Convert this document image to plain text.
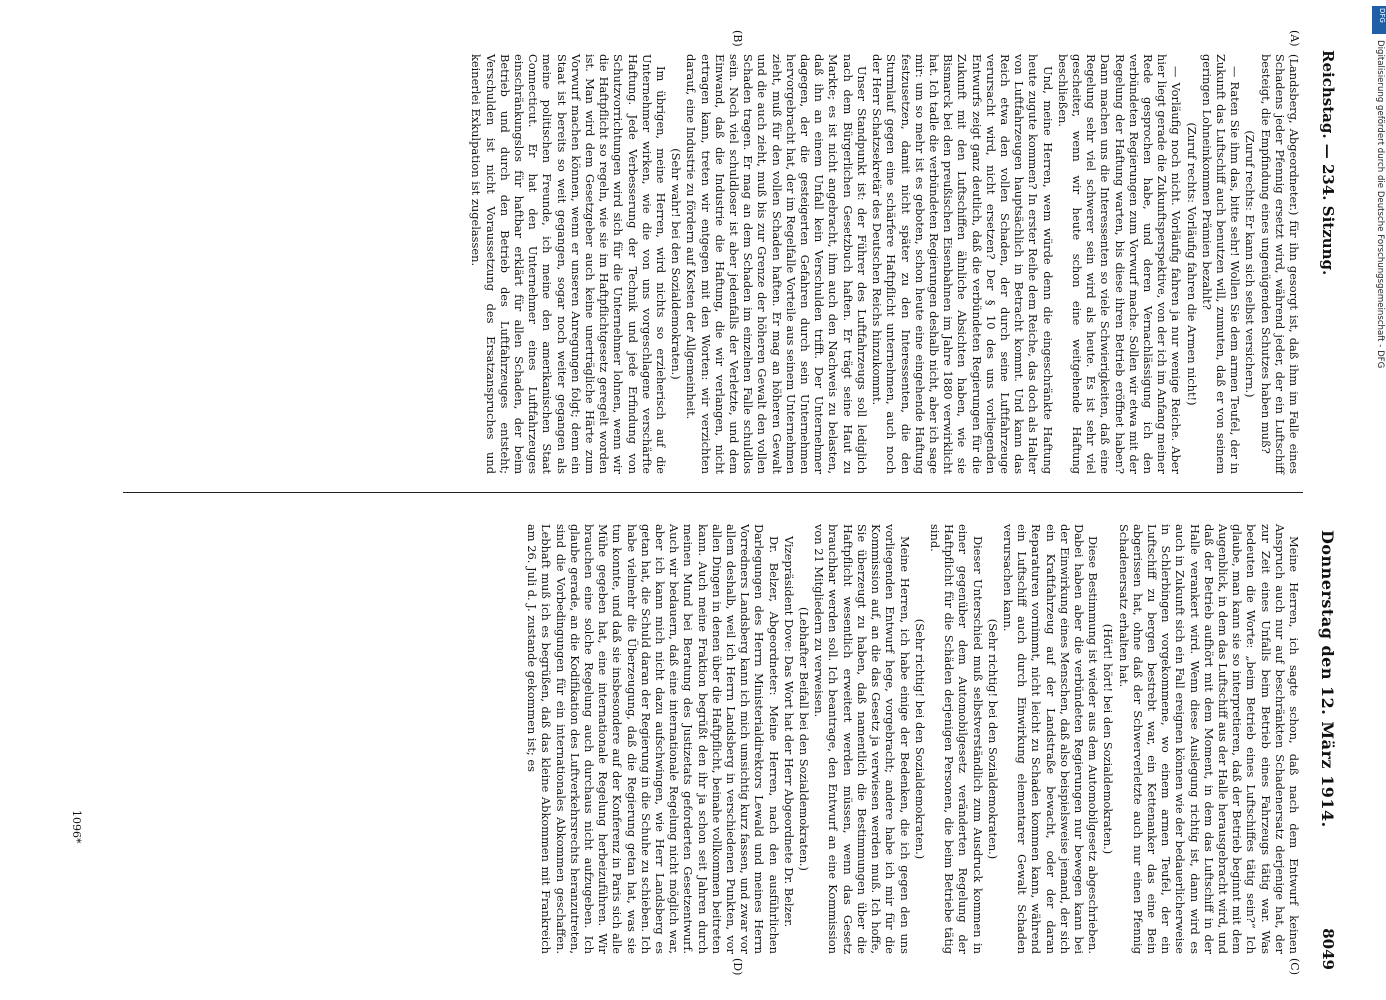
Reichstag. — 234. Sitzung.
Donnerstag den 12. März 1914.
8049
(A)
(B)
(C)
(D)

(Landsberg, Abgeordneter.) für ihn gesorgt ist, daß ihm im Falle eines Schadens jeder Pfennig ersetzt wird, während jeder, der ein Luftschiff besteigt, die Empfindung eines ungenügenden Schutzes haben muß?

(Zuruf rechts: Er kann sich selbst versichern.)

— Raten Sie ihm das, bitte sehr! Wollen Sie dem armen Teufel, der in Zukunft das Luftschiff auch benutzen will, zumuten, daß er von seinem geringen Lohneinkommen Prämien bezahlt?

(Zuruf rechts: Vorläufig fahren die Armen nicht!)

— Vorläufig noch nicht. Vorläufig fahren ja nur wenige Reiche. Aber hier liegt gerade die Zukunftsperspektive, von der ich im Anfang meiner Rede gesprochen habe, und deren Vernachlässigung ich den verbündeten Regierungen zum Vorwurf mache. Sollen wir etwa mit der Regelung der Haftung warten, bis diese ihren Betrieb eröffnet haben? Dann machen uns die Interessenten so viele Schwierigkeiten, daß eine Regelung sehr viel schwerer sein wird als heute. Es ist sehr viel gescheiter, wenn wir heute schon eine weitgehende Haftung beschließen.

Und, meine Herren, wem würde denn die eingeschränkte Haftung heute zugute kommen? In erster Reihe dem Reiche, das doch als Halter von Luftfahrzeugen hauptsächlich in Betracht kommt. Und kann das Reich etwa den vollen Schaden, der durch seine Luftfahrzeuge verursacht wird, nicht ersetzen? Der § 10 des uns vorliegenden Entwurfs zeigt ganz deutlich, daß die verbündeten Regierungen für die Zukunft mit den Luftschiffen ähnliche Absichten haben, wie sie Bismarck bei den preußischen Eisenbahnen im Jahre 1880 verwirklicht hat. Ich tadle die verbündeten Regierungen deshalb nicht, aber ich sage mir: um so mehr ist es geboten, schon heute eine eingehende Haftung festzusetzen, damit nicht später zu den Interessenten, die den Sturmlauf gegen eine schärfere Haftpflicht unternehmen, auch noch der Herr Schatzsekretär des Deutschen Reichs hinzukommt.

Unser Standpunkt ist: der Führer des Luftfahrzeugs soll lediglich nach dem Bürgerlichen Gesetzbuch haften. Er trägt seine Haut zu Markte; es ist nicht angebracht, ihm auch den Nachweis zu belasten, daß ihn an einem Unfall kein Verschulden trifft. Der Unternehmer dagegen, der die gesteigerten Gefahren durch sein Unternehmen hervorgebracht hat, der im Regelfalle Vorteile aus seinem Unternehmen zieht, muß für den vollen Schaden haften. Er mag an höheren Gewalt und die auch zieht, muß bis zur Grenze der höheren Gewalt den vollen Schaden tragen. Er mag an dem Schaden im einzelnen Falle schuldlos sein. Noch viel schuldloser ist aber jedenfalls der Verletzte, und dem Einwand, daß die Industrie die Haftung, die wir verlangen, nicht ertragen kann, treten wir entgegen mit den Worten: wir verzichten darauf, eine Industrie zu fördern auf Kosten der Allgemeinheit.

(Sehr wahr! bei den Sozialdemokraten.)

Im übrigen, meine Herren, wird nichts so erzieherisch auf die Unternehmer wirken, wie die von uns vorgeschlagene verschärfte Haftung. Jede Verbesserung der Technik und jede Erfindung von Schutzvorrichtungen wird sich für die Unternehmer lohnen, wenn wir die Haftpflicht so regeln, wie sie im Haftpflichtgesetz geregelt worden ist. Man wird dem Gesetzgeber auch keine unerträgliche Härte zum Vorwurf machen können, wenn er unseren Anregungen folgt; denn ein Staat ist bereits so weit gegangen, sogar noch weiter gegangen als meine politischen Freunde, ich meine den amerikanischen Staat Connecticut. Er hat den Unternehmer eines Luftfahrzeuges einschränkungslos für haftbar erklärt für allen Schaden, der beim Betrieb und durch den Betrieb des Luftfahrzeuges entsteht; Verschulden ist nicht Voraussetzung des Ersatzanspruches und keinerlei Exkulpation ist zugelassen.

Meine Herren, ich sagte schon, daß nach dem Entwurf keinen Anspruch auch nur auf beschränkten Schadenersatz derjenige hat, der zur Zeit eines Unfalls beim Betrieb eines Fahrzeugs tätig war. Was bedeuten die Worte: „beim Betrieb eines Luftschiffes tätig sein?“ Ich glaube, man kann sie so interpretieren, daß der Betrieb beginnt mit dem Augenblick, in dem das Luftschiff aus der Halle herausgebracht wird, und daß der Betrieb aufhört mit dem Moment, in dem das Luftschiff in der Halle verankert wird. Wenn diese Auslegung richtig ist, dann wird es auch in Zukunft sich ein Fall ereignen können wie der bedauerlicherweise in Schlerbingen vorgekommene, wo einem armen Teufel, der ein Luftschiff zu bergen bestrebt war, ein Kettenanker das eine Bein abgerissen hat, ohne daß der Schwerverletzte auch nur einen Pfennig Schadenersatz erhalten hat.

(Hört! hört! bei den Sozialdemokraten.)

Diese Bestimmung ist wieder aus dem Automobilgesetz abgeschrieben. Dabei haben aber die verbündeten Regierungen nur bewegen kann bei der Einwirkung eines Menschen, daß also beispielsweise jemand, der sich ein Kraftfahrzeug auf der Landstraße bewacht, oder der daran Reparaturen vornimmt, nicht leicht zu Schaden kommen kann, während ein Luftschiff auch durch Einwirkung elementarer Gewalt Schaden verursachen kann.

(Sehr richtig! bei den Sozialdemokraten.)

Dieser Unterschied muß selbstverständlich zum Ausdruck kommen in einer gegenüber dem Automobilgesetz veränderten Regelung der Haftpflicht für die Schäden derjenigen Personen, die beim Betriebe tätig sind.

(Sehr richtig! bei den Sozialdemokraten.)

Meine Herren, ich habe einige der Bedenken, die ich gegen den uns vorliegenden Entwurf hege, vorgebracht; andere habe ich mir für die Kommission auf, an die das Gesetz ja verwiesen werden muß. Ich hoffe, Sie überzeugt zu haben, daß namentlich die Bestimmungen über die Haftpflicht wesentlich erweitert werden müssen, wenn das Gesetz brauchbar werden soll. Ich beantrage, den Entwurf an eine Kommission von 21 Mitgliedern zu verweisen.

(Lebhafter Beifall bei den Sozialdemokraten.)

Vizepräsident Dove: Das Wort hat der Herr Abgeordnete Dr. Belzer.

Dr. Belzer, Abgeordneter: Meine Herren, nach den ausführlichen Darlegungen des Herrn Ministerialdirektors Lewald und meines Herrn Vorredners Landsberg kann ich mich umsichtig kurz fassen, und zwar vor allem deshalb, weil ich Herrn Landsberg in verschiedenen Punkten, vor allen Dingen in denen über die Haftpflicht, beinahe vollkommen beitreten kann. Auch meine Fraktion begrüßt den ihr ja schon seit Jahren durch meinen Mund bei Beratung des Justizetats geforderten Gesetzentwurf. Auch wir bedauern, daß eine internationale Regelung nicht möglich war, aber ich kann mich nicht dazu aufschwingen, wie Herr Landsberg es getan hat, die Schuld daran der Regierung in die Schuhe zu schieben. Ich habe vielmehr die Überzeugung, daß die Regierung getan hat, was sie tun konnte, und daß sie insbesondere auf der Konferenz in Paris sich alle Mühe gegeben hat, eine internationale Regelung herbeizuführen. Wir brauchen eine solche Regelung auch durchaus nicht aufzugeben. Ich glaube gerade, an die Kodifikation des Luftverkehrsrechts heranzutreten, sind die Vorbedingungen für ein internationales Abkommen geschaffen. Lebhaft muß ich es begrüßen, daß das kleine Abkommen mit Frankreich am 26. Juli d. J. zustande gekommen ist; es

1096*
DFG
Digitalisierung gefördert durch die Deutsche Forschungsgemeinschaft - DFG
